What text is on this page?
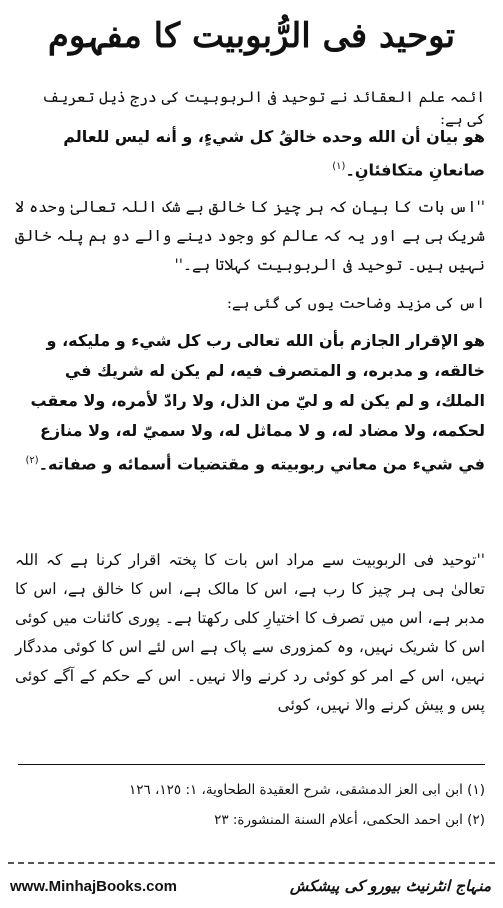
توحید فی الرُّبوبیت کا مفہوم

ائمہ علم العقائد نے توحید فی الربوبیت کی درج ذیل تعریف کی ہے:

هو بيان أن الله وحده خالقُ كل شيءٍ، و أنه ليس للعالم صانعانِ متكافئانِ۔$^{(١)}$

''اس بات کا بیان کہ ہر چیز کا خالق بے شک اللہ تعالیٰ وحدہ لا شریک ہی ہے اور یہ کہ عالم کو وجود دینے والے دو ہم پلہ خالق نہیں ہیں۔ توحید فی الربوبیت کہلاتا ہے۔''

اس کی مزید وضاحت یوں کی گئی ہے:

هو الإقرار الجازم بأن الله تعالى رب كل شيء و مليكه، و خالقه، و مدبره، و المتصرف فيه، لم يكن له شريك في الملك، و لم يكن له و ليّ من الذل، ولا رادّ لأمره، ولا معقب لحكمه، ولا مضاد له، و لا مماثل له، ولا سميّ له، ولا منازع في شيء من معاني ربوبيته و مقتضيات أسمائه و صفاته۔$^{(٢)}$

''توحید فی الربوبیت سے مراد اس بات کا پختہ اقرار کرنا ہے کہ اللہ تعالیٰ ہی ہر چیز کا رب ہے، اس کا مالک ہے، اس کا خالق ہے، اس کا مدبر ہے، اس میں تصرف کا اختیارِ کلی رکھتا ہے۔ پوری کائنات میں کوئی اس کا شریک نہیں، وہ کمزوری سے پاک ہے اس لئے اس کا کوئی مددگار نہیں، اس کے امر کو کوئی رد کرنے والا نہیں۔ اس کے حکم کے آگے کوئی پس و پیش کرنے والا نہیں، کوئی

(١) ابن ابی العز الدمشقی، شرح العقيدة الطحاوية، ١: ١٢٥، ١٢٦
(٢) ابن احمد الحکمی، أعلام السنة المنشورة: ٢٣
www.MinhajBooks.com	منہاج انٹرنیٹ بیورو کی پیشکش
